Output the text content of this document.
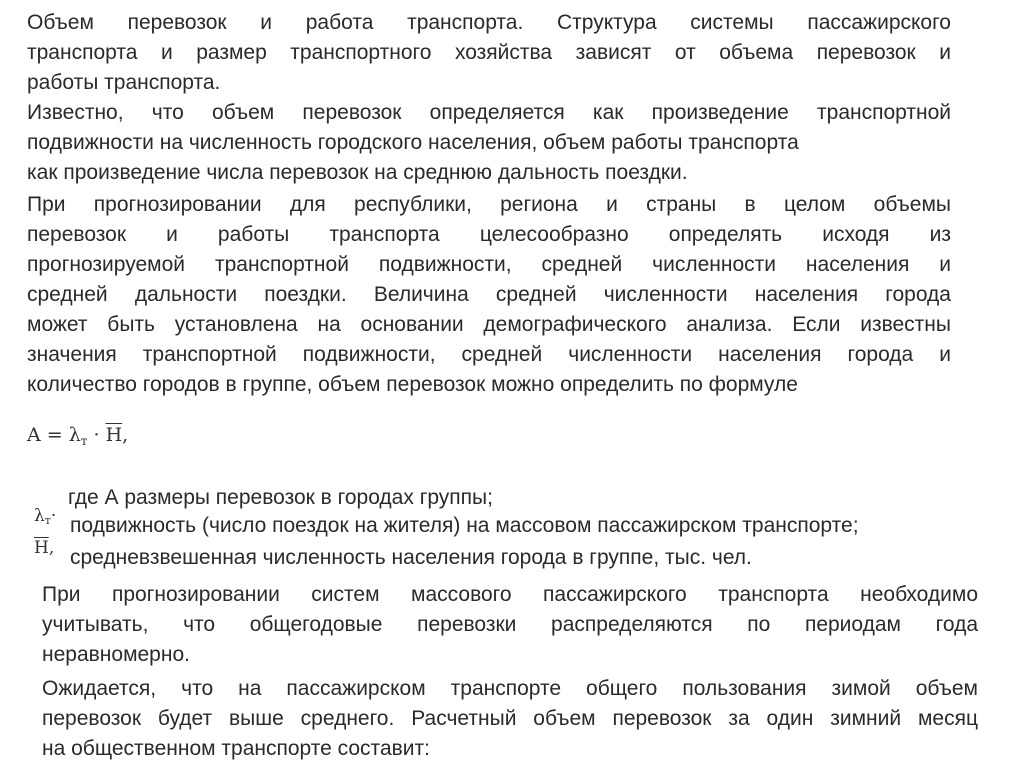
Объем перевозок и работа транспорта. Структура системы пассажирского
транспорта и размер транспортного хозяйства зависят от объема перевозок и
работы транспорта.

Известно, что объем перевозок определяется как произведение транспортной
подвижности на численность городского населения, объем работы транспорта
как произведение числа перевозок на среднюю дальность поездки.

При прогнозировании для республики, региона и страны в целом объемы
перевозок и работы транспорта целесообразно определять исходя из
прогнозируемой транспортной подвижности, средней численности населения и
средней дальности поездки. Величина средней численности населения города
может быть установлена на основании демографического анализа. Если известны
значения транспортной подвижности, средней численности населения города и
количество городов в группе, объем перевозок можно определить по формуле

$A = \lambda_т \cdot Н$,
$\lambda_т\cdot$
Н,
где А размеры перевозок в городах группы;
подвижность (число поездок на жителя) на массовом пассажирском транспорте;
средневзвешенная численность населения города в группе, тыс. чел.

При прогнозировании систем массового пассажирского транспорта необходимо
учитывать, что общегодовые перевозки распределяются по периодам года
неравномерно.

Ожидается, что на пассажирском транспорте общего пользования зимой объем
перевозок будет выше среднего. Расчетный объем перевозок за один зимний месяц
на общественном транспорте составит:
